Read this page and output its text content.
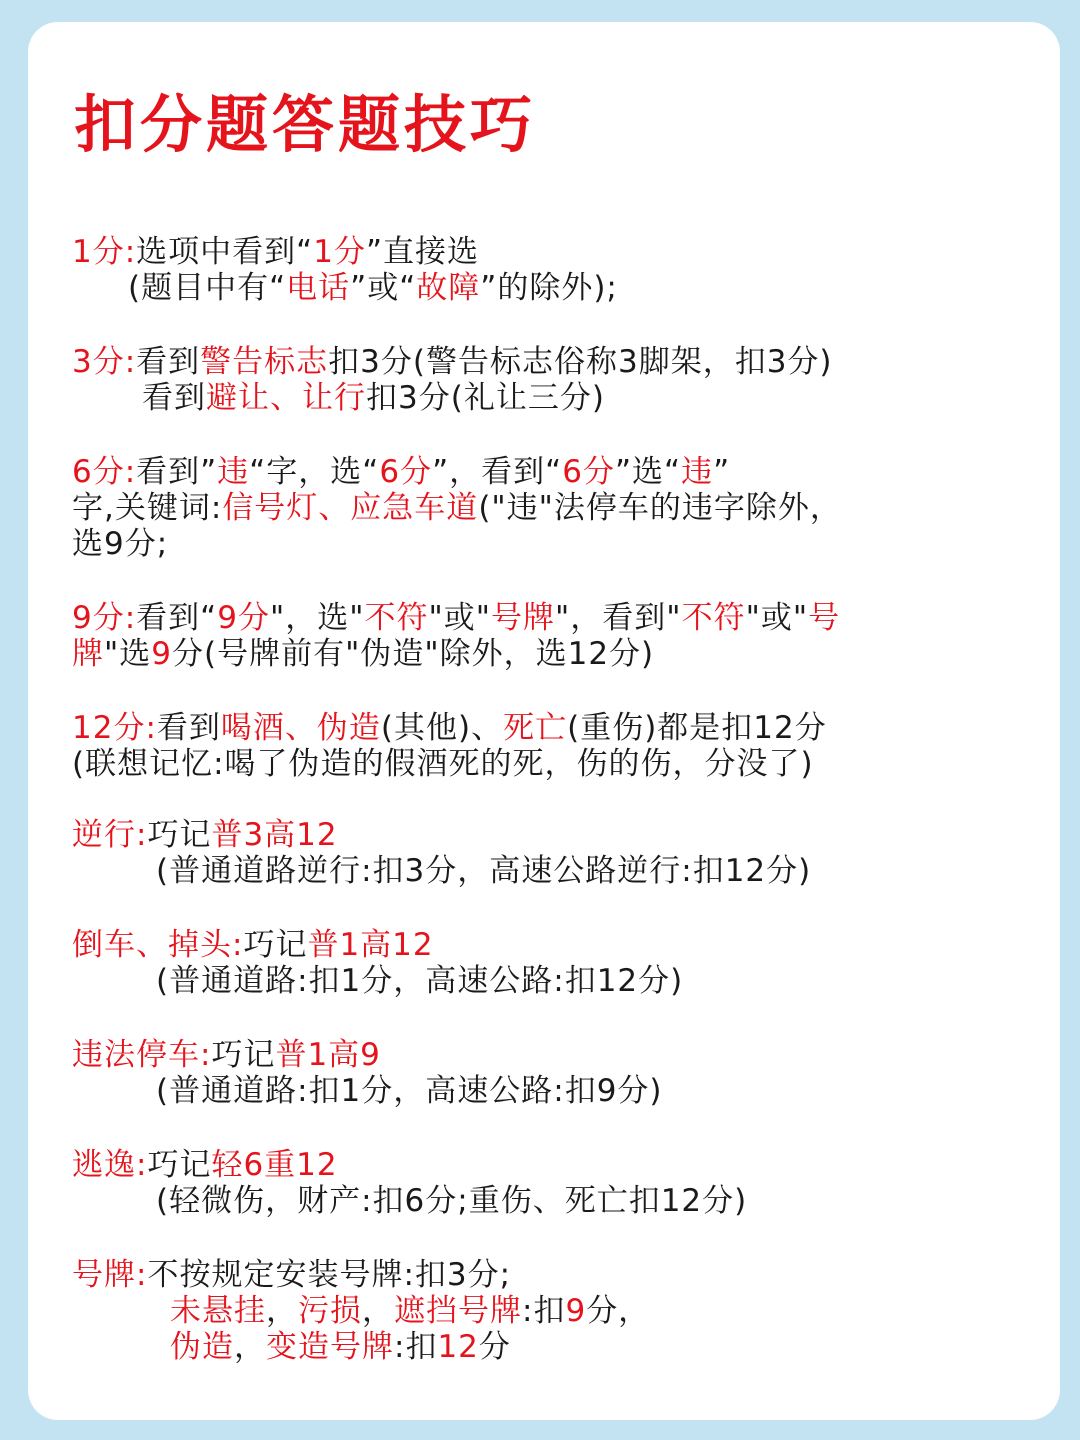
扣分题答题技巧
1分:选项中看到“1分”直接选
(题目中有“电话”或“故障”的除外);
3分:看到警告标志扣3分(警告标志俗称3脚架，扣3分)
看到避让、让行扣3分(礼让三分)
6分:看到”违“字，选“6分”，看到“6分”选“违”
字,关键词:信号灯、应急车道("违"法停车的违字除外，
选9分;
9分:看到“9分"，选"不符"或"号牌"，看到"不符"或"号
牌"选9分(号牌前有"伪造"除外，选12分)
12分:看到喝酒、伪造(其他)、死亡(重伤)都是扣12分
(联想记忆:喝了伪造的假酒死的死，伤的伤，分没了)
逆行:巧记普3高12
(普通道路逆行:扣3分，高速公路逆行:扣12分)
倒车、掉头:巧记普1高12
(普通道路:扣1分，高速公路:扣12分)
违法停车:巧记普1高9
(普通道路:扣1分，高速公路:扣9分)
逃逸:巧记轻6重12
(轻微伤，财产:扣6分;重伤、死亡扣12分)
号牌:不按规定安装号牌:扣3分;
未悬挂，污损，遮挡号牌:扣9分，
伪造，变造号牌:扣12分
